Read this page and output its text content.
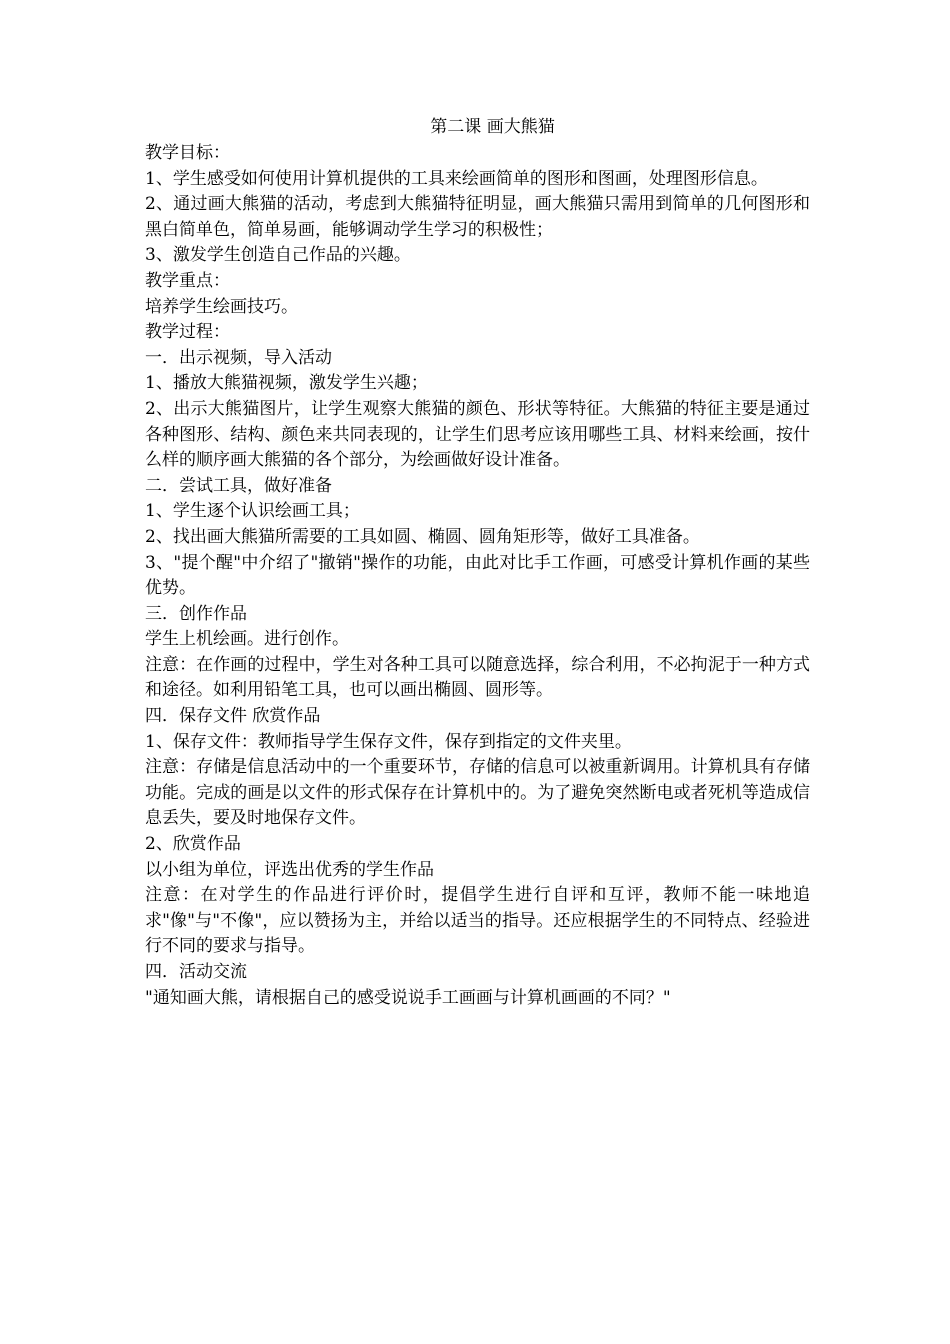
第二课 画大熊猫

教学目标：

1、学生感受如何使用计算机提供的工具来绘画简单的图形和图画，处理图形信息。

2、通过画大熊猫的活动，考虑到大熊猫特征明显，画大熊猫只需用到简单的几何图形和黑白简单色，简单易画，能够调动学生学习的积极性；

3、激发学生创造自己作品的兴趣。

教学重点：

培养学生绘画技巧。

教学过程：

一．出示视频，导入活动

1、播放大熊猫视频，激发学生兴趣；

2、出示大熊猫图片，让学生观察大熊猫的颜色、形状等特征。大熊猫的特征主要是通过各种图形、结构、颜色来共同表现的，让学生们思考应该用哪些工具、材料来绘画，按什么样的顺序画大熊猫的各个部分，为绘画做好设计准备。

二．尝试工具，做好准备

1、学生逐个认识绘画工具；

2、找出画大熊猫所需要的工具如圆、椭圆、圆角矩形等，做好工具准备。

3、"提个醒"中介绍了"撤销"操作的功能，由此对比手工作画，可感受计算机作画的某些优势。

三．创作作品

学生上机绘画。进行创作。

注意：在作画的过程中，学生对各种工具可以随意选择，综合利用，不必拘泥于一种方式和途径。如利用铅笔工具，也可以画出椭圆、圆形等。

四．保存文件 欣赏作品

1、保存文件：教师指导学生保存文件，保存到指定的文件夹里。

注意：存储是信息活动中的一个重要环节，存储的信息可以被重新调用。计算机具有存储功能。完成的画是以文件的形式保存在计算机中的。为了避免突然断电或者死机等造成信息丢失，要及时地保存文件。

2、欣赏作品

以小组为单位，评选出优秀的学生作品

注意：在对学生的作品进行评价时，提倡学生进行自评和互评，教师不能一味地追求"像"与"不像"，应以赞扬为主，并给以适当的指导。还应根据学生的不同特点、经验进行不同的要求与指导。

四．活动交流

"通知画大熊，请根据自己的感受说说手工画画与计算机画画的不同？"
